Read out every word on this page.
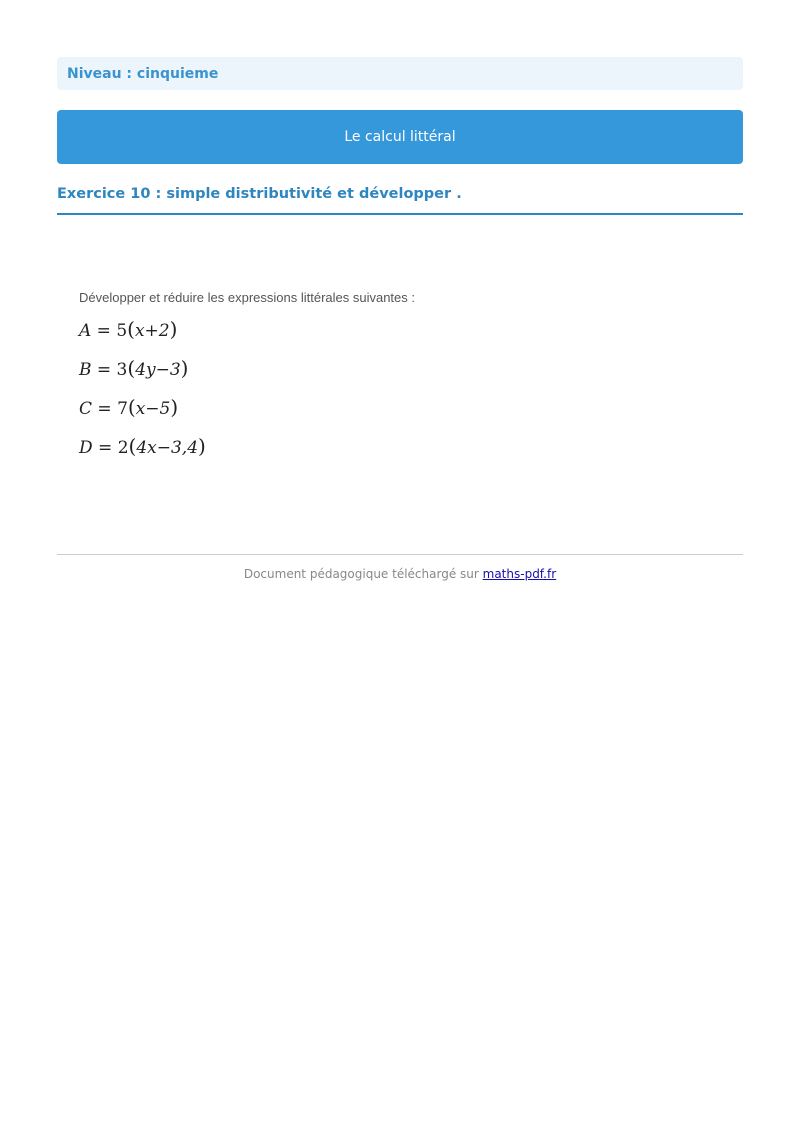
Niveau : cinquieme
Le calcul littéral
Exercice 10 : simple distributivité et développer .

Développer et réduire les expressions littérales suivantes :

A = 5(x+2)
B = 3(4y−3)
C = 7(x−5)
D = 2(4x−3,4)
Document pédagogique téléchargé sur maths-pdf.fr
